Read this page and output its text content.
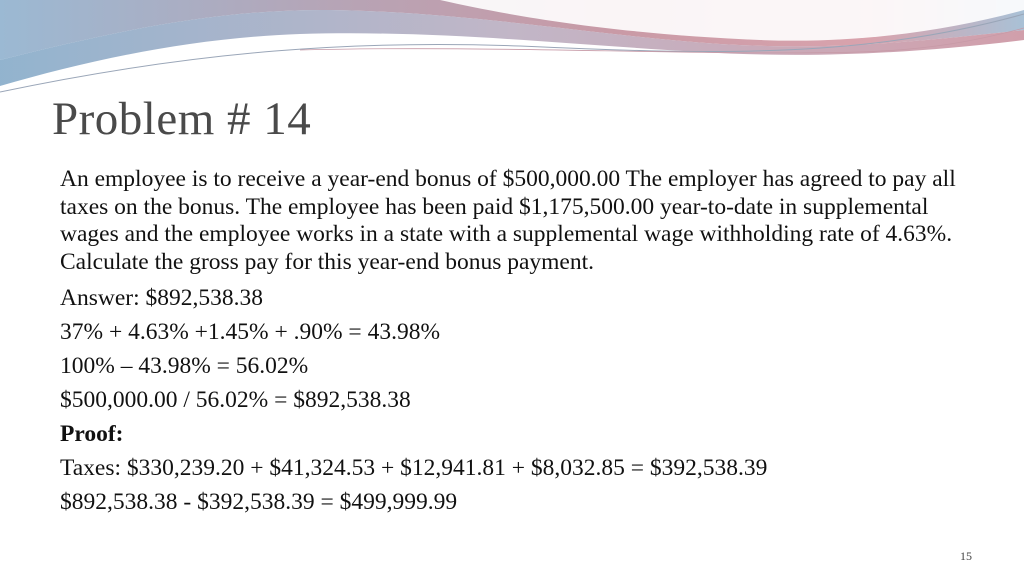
Problem # 14

An employee is to receive a year-end bonus of $500,000.00 The employer has agreed to pay all taxes on the bonus. The employee has been paid $1,175,500.00 year-to-date in supplemental wages and the employee works in a state with a supplemental wage withholding rate of 4.63%. Calculate the gross pay for this year-end bonus payment.

Answer: $892,538.38

37% + 4.63% +1.45% + .90% = 43.98%

100% – 43.98% = 56.02%

$500,000.00 / 56.02% = $892,538.38

Proof:

Taxes: $330,239.20 + $41,324.53 + $12,941.81 + $8,032.85 = $392,538.39

$892,538.38 - $392,538.39 = $499,999.99

15
